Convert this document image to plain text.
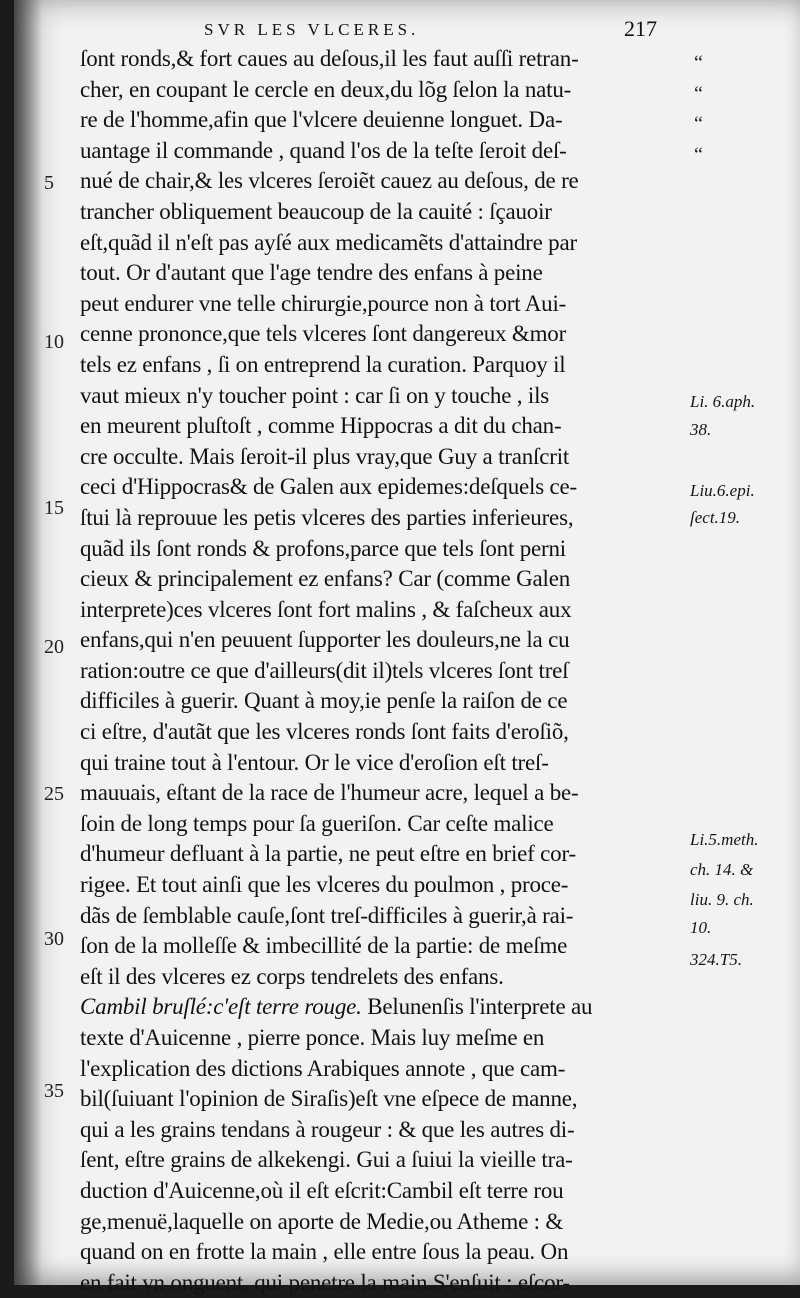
SVR LES VLCERES.	217
“
“
“
“
5
10
15
20
25
30
35
Li. 6.aph.
38.
Liu.6.epi.
ſect.19.
Li.5.meth.
ch. 14. &
liu. 9. ch.
10.
324.T5.
ſont ronds,& fort caues au deſous,il les faut auſſi retran-
cher, en coupant le cercle en deux,du lõg ſelon la natu-
re de l'homme,afin que l'vlcere deuienne longuet. Da-
uantage il commande , quand l'os de la teſte ſeroit deſ-
nué de chair,& les vlceres ſeroiẽt cauez au deſous, de re
trancher obliquement beaucoup de la cauité : ſçauoir
eſt,quãd il n'eſt pas ayſé aux medicamẽts d'attaindre par
tout. Or d'autant que l'age tendre des enfans à peine
peut endurer vne telle chirurgie,pource non à tort Aui-
cenne prononce,que tels vlceres ſont dangereux &mor
tels ez enfans , ſi on entreprend la curation. Parquoy il
vaut mieux n'y toucher point : car ſi on y touche , ils
en meurent pluſtoſt , comme Hippocras a dit du chan-
cre occulte. Mais ſeroit-il plus vray,que Guy a tranſcrit
ceci d'Hippocras& de Galen aux epidemes:deſquels ce-
ſtui là reprouue les petis vlceres des parties inferieures,
quãd ils ſont ronds & profons,parce que tels ſont perni
cieux & principalement ez enfans? Car (comme Galen
interprete)ces vlceres ſont fort malins , & faſcheux aux
enfans,qui n'en peuuent ſupporter les douleurs,ne la cu
ration:outre ce que d'ailleurs(dit il)tels vlceres ſont treſ
difficiles à guerir. Quant à moy,ie penſe la raiſon de ce
ci eſtre, d'autãt que les vlceres ronds ſont faits d'eroſiõ,
qui traine tout à l'entour. Or le vice d'eroſion eſt treſ-
mauuais, eſtant de la race de l'humeur acre, lequel a be-
ſoin de long temps pour ſa gueriſon. Car ceſte malice
d'humeur defluant à la partie, ne peut eſtre en brief cor-
rigee. Et tout ainſi que les vlceres du poulmon , proce-
dãs de ſemblable cauſe,ſont treſ-difficiles à guerir,à rai-
ſon de la molleſſe & imbecillité de la partie: de meſme
eſt il des vlceres ez corps tendrelets des enfans.
Cambil bruſlé:c'eſt terre rouge. Belunenſis l'interprete au
texte d'Auicenne , pierre ponce. Mais luy meſme en
l'explication des dictions Arabiques annote , que cam-
bil(ſuiuant l'opinion de Siraſis)eſt vne eſpece de manne,
qui a les grains tendans à rougeur : & que les autres di-
ſent, eſtre grains de alkekengi. Gui a ſuiui la vieille tra-
duction d'Auicenne,où il eſt eſcrit:Cambil eſt terre rou
ge,menuë,laquelle on aporte de Medie,ou Atheme : &
quand on en frotte la main , elle entre ſous la peau. On
en fait vn onguent, qui penetre la main.S'enſuit : eſcor-
